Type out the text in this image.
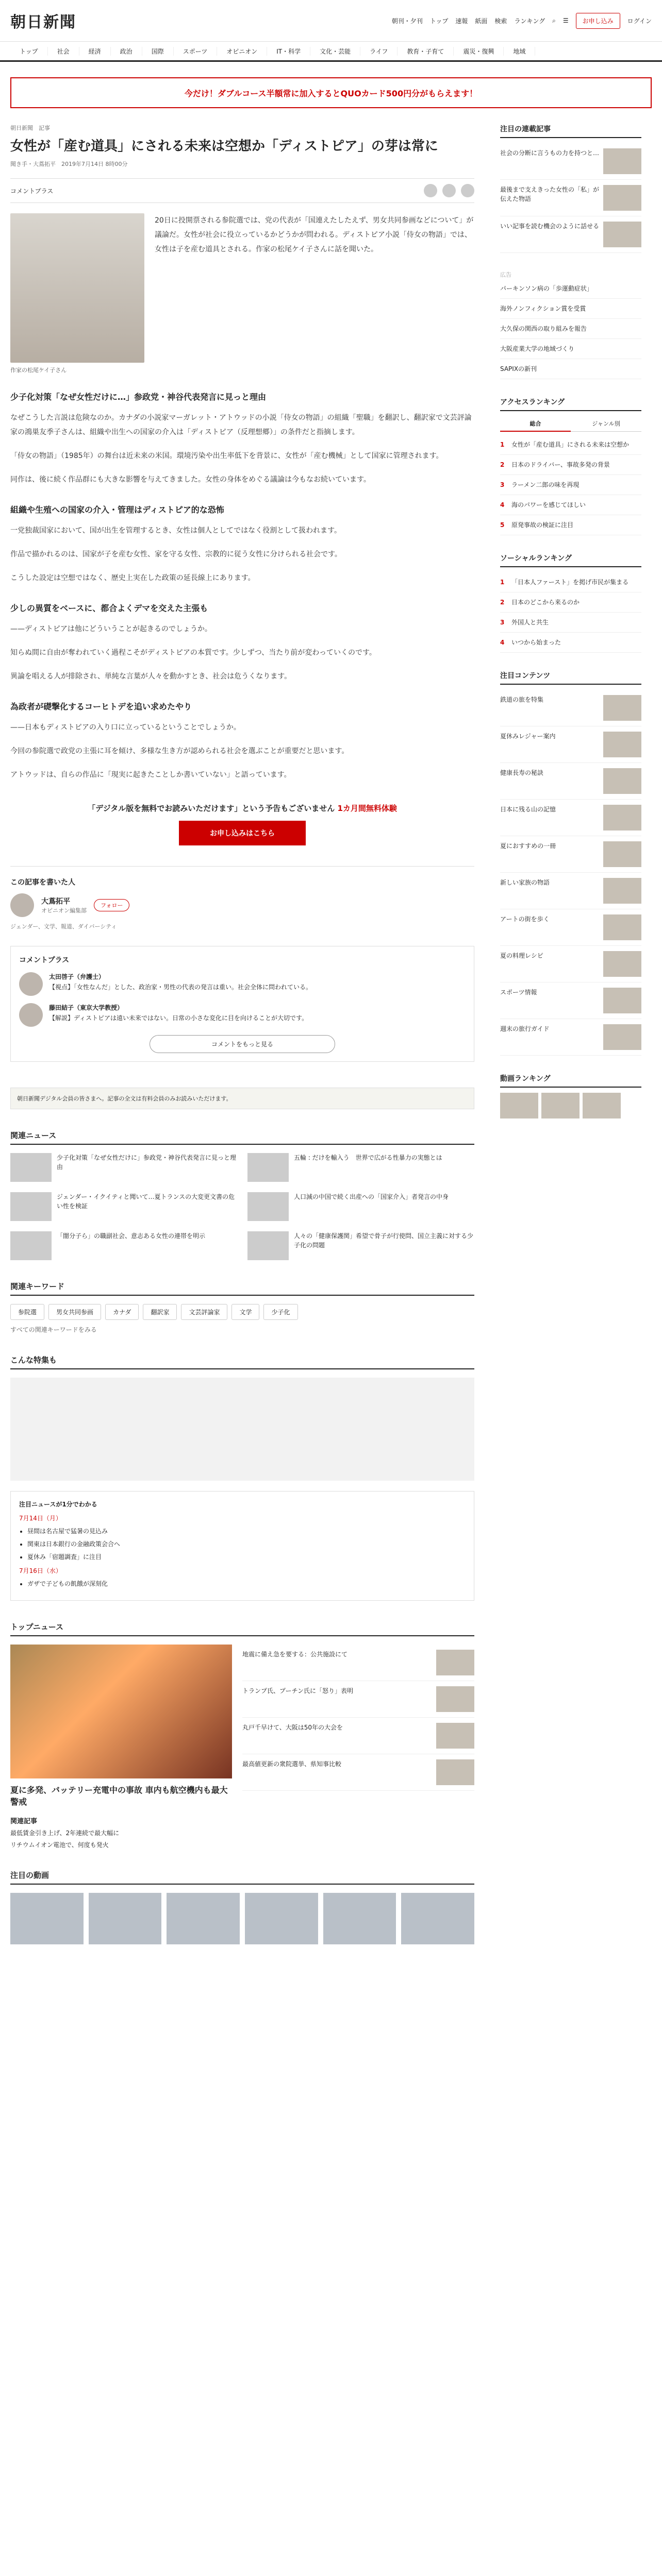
朝日新聞	朝刊・夕刊 トップ 速報 紙面 検索 ランキング ⌕ ☰	お申し込み	ログイン
トップ	社会	経済	政治	国際	スポーツ	オピニオン	IT・科学	文化・芸能	ライフ	教育・子育て	震災・復興	地域
今だけ！ダブルコース半額常に加入するとQUOカード500円分がもらえます！
朝日新聞　記事
女性が「産む道具」にされる未来は空想か「ディストピア」の芽は常に
聞き手・大蔦拓平　2019年7月14日 8時00分
コメントプラス
作家の松尾ケイ子さん

20日に投開票される参院選では、党の代表が「国連えたしたえず、男女共同参画などについて」が議論だ。女性が社会に役立っているかどうかが問われる。ディストピア小説「侍女の物語」では、女性は子を産む道具とされる。作家の松尾ケイ子さんに話を聞いた。

少子化対策「なぜ女性だけに…」参政党・神谷代表発言に見っと理由

なぜこうした言説は危険なのか。カナダの小説家マーガレット・アトウッドの小説「侍女の物語」の組織「聖職」を翻訳し、翻訳家で文芸評論家の鴻巣友季子さんは、組織や出生への国家の介入は「ディストピア（反理想郷）」の条件だと指摘します。

「侍女の物語」（1985年）の舞台は近未来の米国。環境汚染や出生率低下を背景に、女性が「産む機械」として国家に管理されます。

同作は、後に続く作品群にも大きな影響を与えてきました。女性の身体をめぐる議論は今もなお続いています。

組織や生殖への国家の介入・管理はディストピア的な恐怖

一党独裁国家において、国が出生を管理するとき、女性は個人としてではなく役割として扱われます。

作品で描かれるのは、国家が子を産む女性、家を守る女性、宗教的に従う女性に分けられる社会です。

こうした設定は空想ではなく、歴史上実在した政策の延長線上にあります。

少しの異質をベースに、都合よくデマを交えた主張も

——ディストピアは他にどういうことが起きるのでしょうか。

知らぬ間に自由が奪われていく過程こそがディストピアの本質です。少しずつ、当たり前が変わっていくのです。

異論を唱える人が排除され、単純な言葉が人々を動かすとき、社会は危うくなります。

為政者が礎撃化するコーヒトデを追い求めたやり

——日本もディストピアの入り口に立っているということでしょうか。

今回の参院選で政党の主張に耳を傾け、多様な生き方が認められる社会を選ぶことが重要だと思います。

アトウッドは、自らの作品に「現実に起きたことしか書いていない」と語っています。

「デジタル版を無料でお読みいただけます」という予告もございません 1カ月間無料体験
お申し込みはこちら
この記事を書いた人
大蔦拓平
オピニオン編集部
フォロー
ジェンダー、文学、報道、ダイバーシティ
コメントプラス
太田啓子（弁護士）
【視点】「女性なんだ」とした、政治家・男性の代表の発言は重い。社会全体に問われている。
藤田結子（東京大学教授）
【解説】ディストピアは遠い未来ではない。日常の小さな変化に目を向けることが大切です。
コメントをもっと見る
朝日新聞デジタル会員の皆さまへ。記事の全文は有料会員のみお読みいただけます。
関連ニュース
少子化対策「なぜ女性だけに」参政党・神谷代表発言に見っと理由
五輪 : だけを輸入う　世界で広がる性暴力の実態とは
ジェンダー・イクイティと聞いて…夏トランスの大変更文書の危い性を検証
人口減の中国で続く出産への「国家介入」者発言の中身
「闇分子ら」の職副社会、意志ある女性の連帯を明示	人々の「健康保護関」希望で骨子が行使問、国立主義に対する少子化の問題
関連キーワード
参院選	男女共同参画	カナダ	翻訳家	文芸評論家	文学	少子化
すべての関連キーワードをみる
こんな特集も
注目ニュースが1分でわかる
7月14日（月）
• 昼間は名古屋で猛暑の見込み
• 関東は日本銀行の金融政策会合へ
• 夏休み「宿題調査」に注目
7月16日（水）
• ガザで子どもの飢餓が深刻化
トップニュース
夏に多発、バッテリー充電中の事故 車内も航空機内も最大警戒
関連記事
最低賃金引き上げ、2年連続で最大幅に
リチウムイオン電池で、何度も発火
地震に備え急を要する：公共施設にて
トランプ氏、プーチン氏に「怒り」表明
丸戸千早けて、大阪は50年の大会を
最高値更新の衆院選挙、県知事比較
注目の動画
注目の連載記事
社会の分断に言うもの力を持つと…
最後まで支えきった女性の「私」が伝えた物語
いい記事を読む機会のように話せる
広告
パーキンソン病の「歩運動症状」
海外ノンフィクション賞を受賞
大久保の関西の取り組みを報告
大阪産業大学の地域づくり
SAPIXの新刊
アクセスランキング
総合	ジャンル別
1	女性が「産む道具」にされる未来は空想か
2	日本のドライバー、事故多発の背景
3	ラーメン二郎の味を再現
4	海のパワーを感じてほしい
5	原発事故の検証に注目
ソーシャルランキング
1	「日本人ファースト」を掲げ市民が集まる
2	日本のどこから来るのか
3	外国人と共生
4	いつから始まった
注目コンテンツ
鉄道の旅を特集
夏休みレジャー案内
健康長寿の秘訣
日本に残る山の記憶
夏におすすめの一冊
新しい家族の物語
アートの街を歩く
夏の料理レシピ
スポーツ情報
週末の旅行ガイド
動画ランキング
